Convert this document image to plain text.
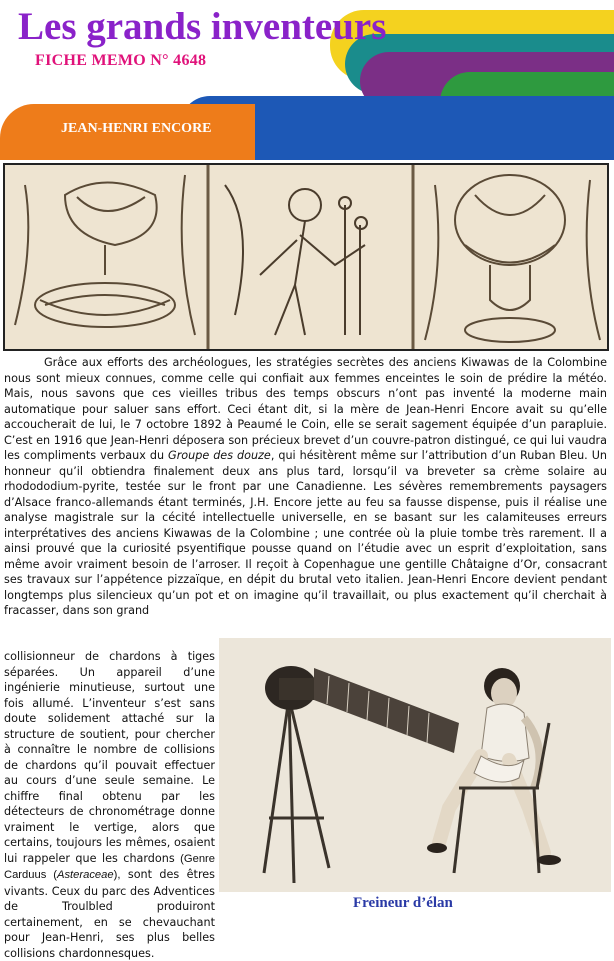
Les grands inventeurs
FICHE MEMO N° 4648
JEAN-HENRI ENCORE

Grâce aux efforts des archéologues, les stratégies secrètes des anciens Kiwawas de la Colombine nous sont mieux connues, comme celle qui confiait aux femmes enceintes le soin de prédire la météo. Mais, nous savons que ces vieilles tribus des temps obscurs n’ont pas inventé la moderne main automatique pour saluer sans effort. Ceci étant dit, si la mère de Jean-Henri Encore avait su qu’elle accoucherait de lui, le 7 octobre 1892 à Peaumé le Coin, elle se serait sagement équipée d’un parapluie. C’est en 1916 que Jean-Henri déposera son précieux brevet d’un couvre-patron distingué, ce qui lui vaudra les compliments verbaux du Groupe des douze, qui hésitèrent même sur l’attribution d’un Ruban Bleu. Un honneur qu’il obtiendra finalement deux ans plus tard, lorsqu’il va breveter sa crème solaire au rhodododium-pyrite, testée sur le front par une Canadienne. Les sévères remembrements paysagers d’Alsace franco-allemands étant terminés, J.H. Encore jette au feu sa fausse dispense, puis il réalise une analyse magistrale sur la cécité intellectuelle universelle, en se basant sur les calamiteuses erreurs interprétatives des anciens Kiwawas de la Colombine ; une contrée où la pluie tombe très rarement. Il a ainsi prouvé que la curiosité psyentifique pousse quand on l’étudie avec un esprit d’exploitation, sans même avoir vraiment besoin de l’arroser. Il reçoit à Copenhague une gentille Châtaigne d’Or, consacrant ses travaux sur l’appétence pizzaïque, en dépit du brutal veto italien. Jean-Henri Encore devient pendant longtemps plus silencieux qu’un pot et on imagine qu’il travaillait, ou plus exactement qu’il cherchait à fracasser, dans son grand

collisionneur de chardons à tiges séparées. Un appareil d’une ingénierie minutieuse, surtout une fois allumé. L’inventeur s’est sans doute solidement attaché sur la structure de soutient, pour chercher à connaître le nombre de collisions de chardons qu’il pouvait effectuer au cours d’une seule semaine. Le chiffre final obtenu par les détecteurs de chronométrage donne vraiment le vertige, alors que certains, toujours les mêmes, osaient lui rappeler que les chardons (Genre Carduus (Asteraceae), sont des êtres vivants. Ceux du parc des Adventices de Troulbled produiront certainement, en se chevauchant pour Jean-Henri, ses plus belles collisions chardonnesques.

Freineur d’élan
